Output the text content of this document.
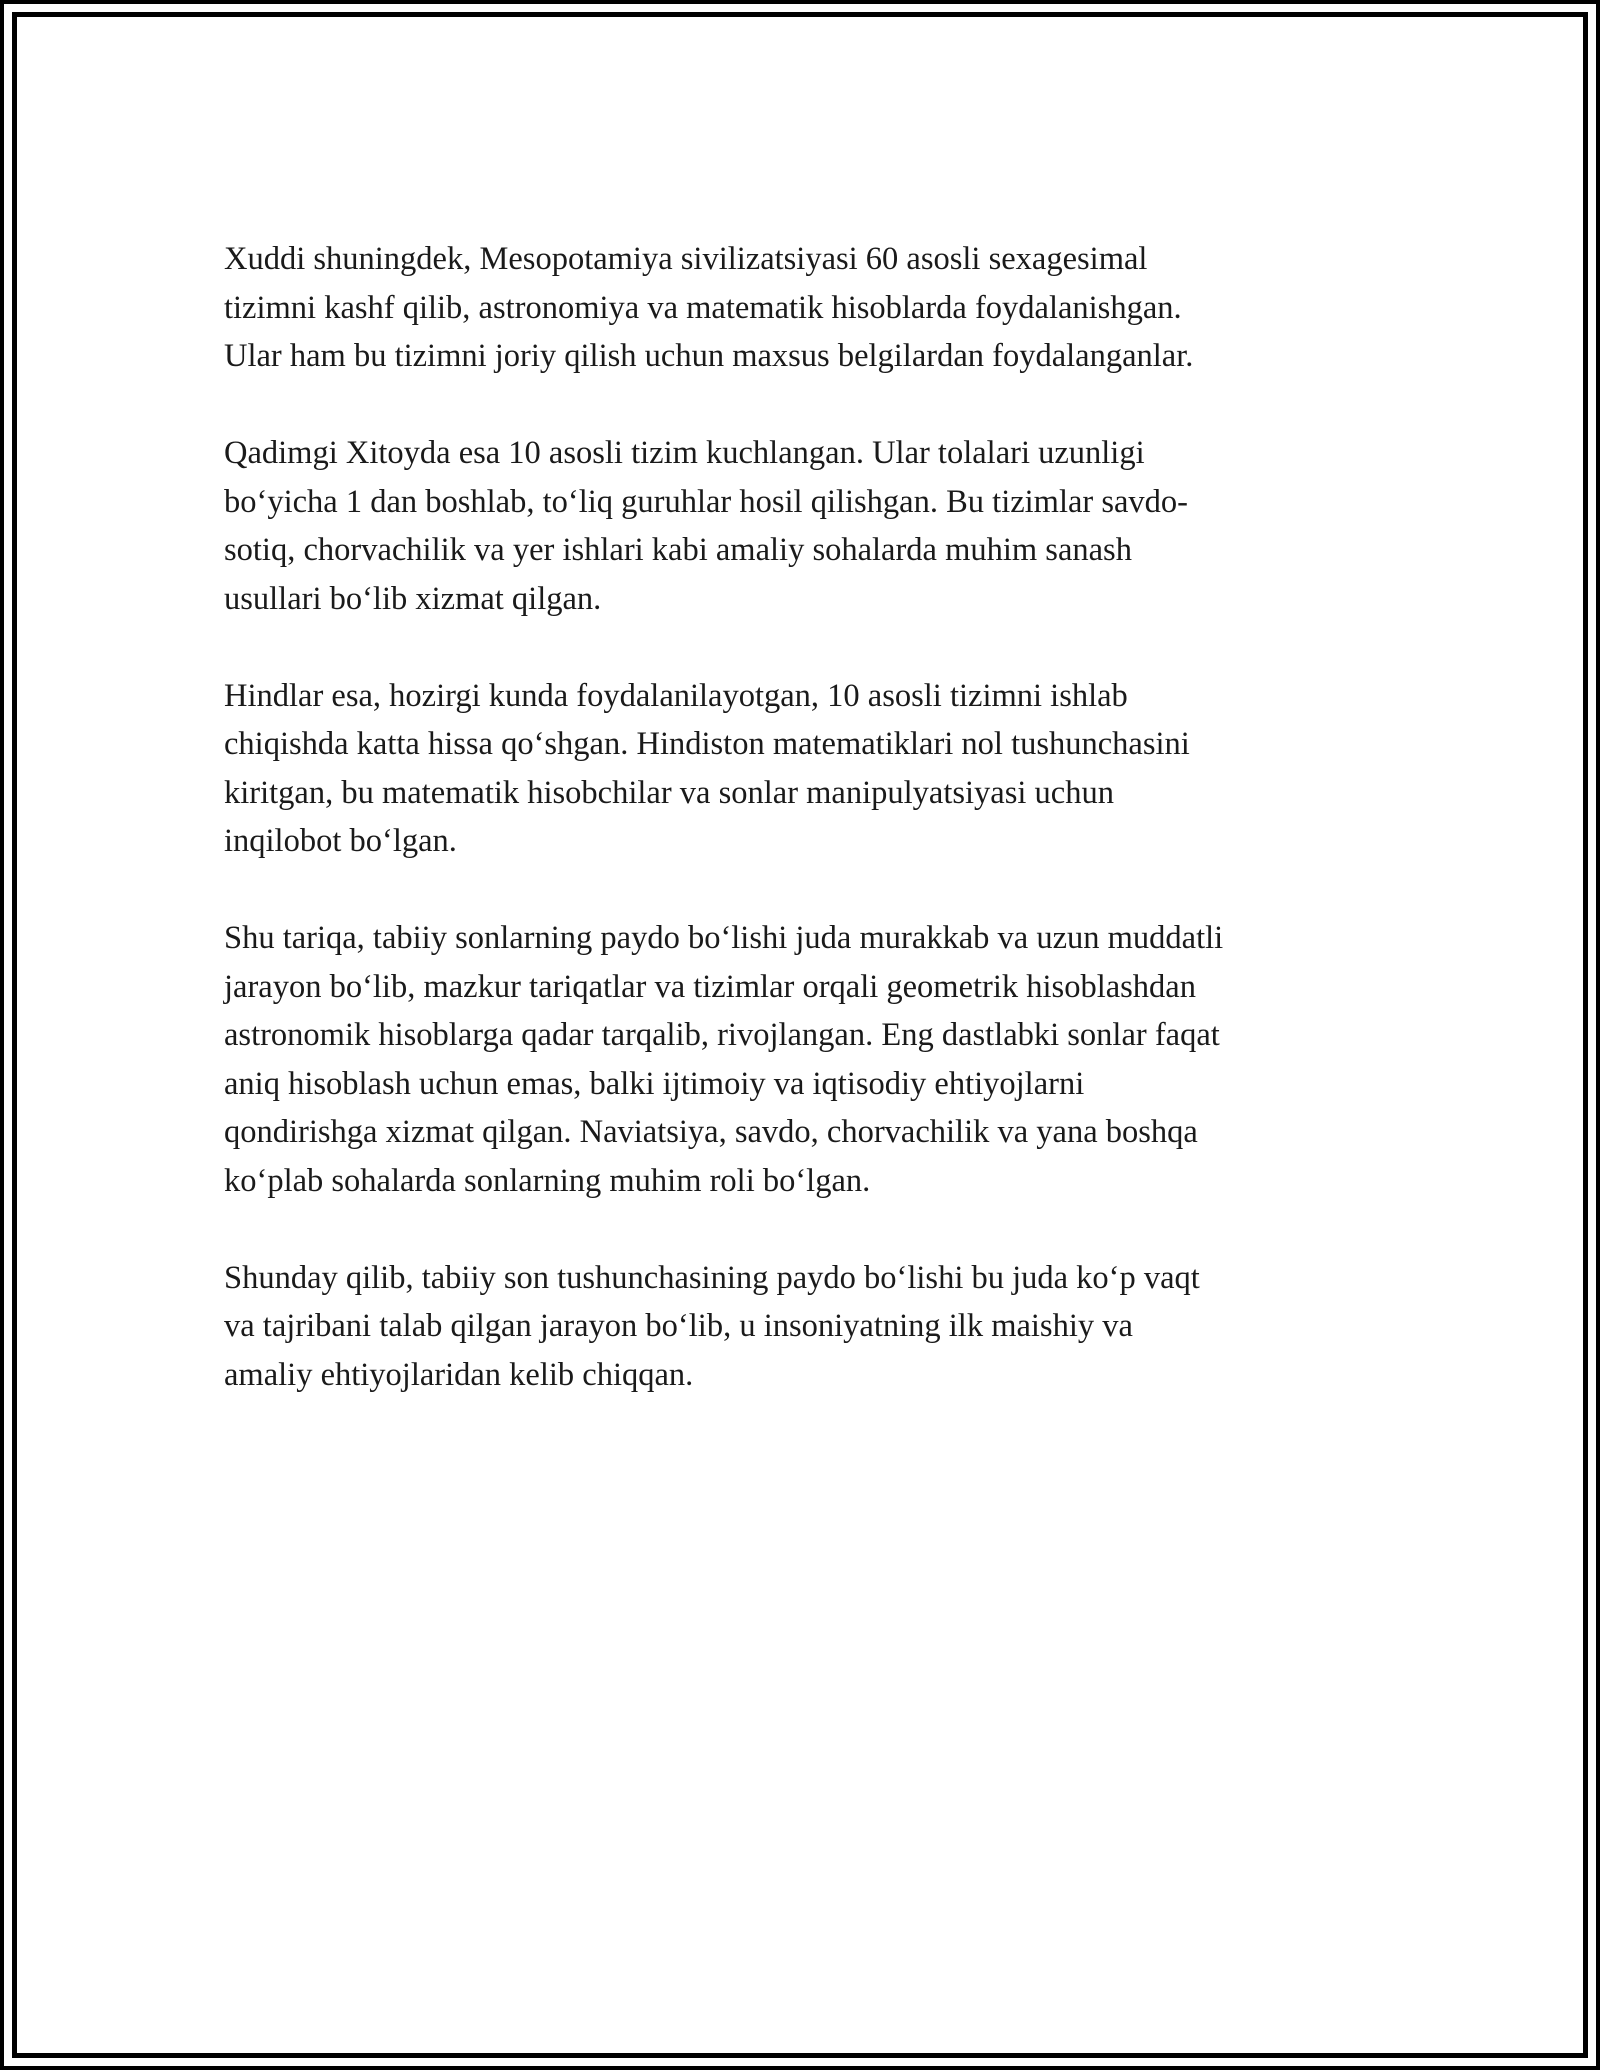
Xuddi shuningdek, Mesopotamiya sivilizatsiyasi 60 asosli sexagesimal
tizimni kashf qilib, astronomiya va matematik hisoblarda foydalanishgan.
Ular ham bu tizimni joriy qilish uchun maxsus belgilardan foydalanganlar.

Qadimgi Xitoyda esa 10 asosli tizim kuchlangan. Ular tolalari uzunligi
bo‘yicha 1 dan boshlab, to‘liq guruhlar hosil qilishgan. Bu tizimlar savdo-
sotiq, chorvachilik va yer ishlari kabi amaliy sohalarda muhim sanash
usullari bo‘lib xizmat qilgan.

Hindlar esa, hozirgi kunda foydalanilayotgan, 10 asosli tizimni ishlab
chiqishda katta hissa qo‘shgan. Hindiston matematiklari nol tushunchasini
kiritgan, bu matematik hisobchilar va sonlar manipulyatsiyasi uchun
inqilobot bo‘lgan.

Shu tariqa, tabiiy sonlarning paydo bo‘lishi juda murakkab va uzun muddatli
jarayon bo‘lib, mazkur tariqatlar va tizimlar orqali geometrik hisoblashdan
astronomik hisoblarga qadar tarqalib, rivojlangan. Eng dastlabki sonlar faqat
aniq hisoblash uchun emas, balki ijtimoiy va iqtisodiy ehtiyojlarni
qondirishga xizmat qilgan. Naviatsiya, savdo, chorvachilik va yana boshqa
ko‘plab sohalarda sonlarning muhim roli bo‘lgan.

Shunday qilib, tabiiy son tushunchasining paydo bo‘lishi bu juda ko‘p vaqt
va tajribani talab qilgan jarayon bo‘lib, u insoniyatning ilk maishiy va
amaliy ehtiyojlaridan kelib chiqqan.
